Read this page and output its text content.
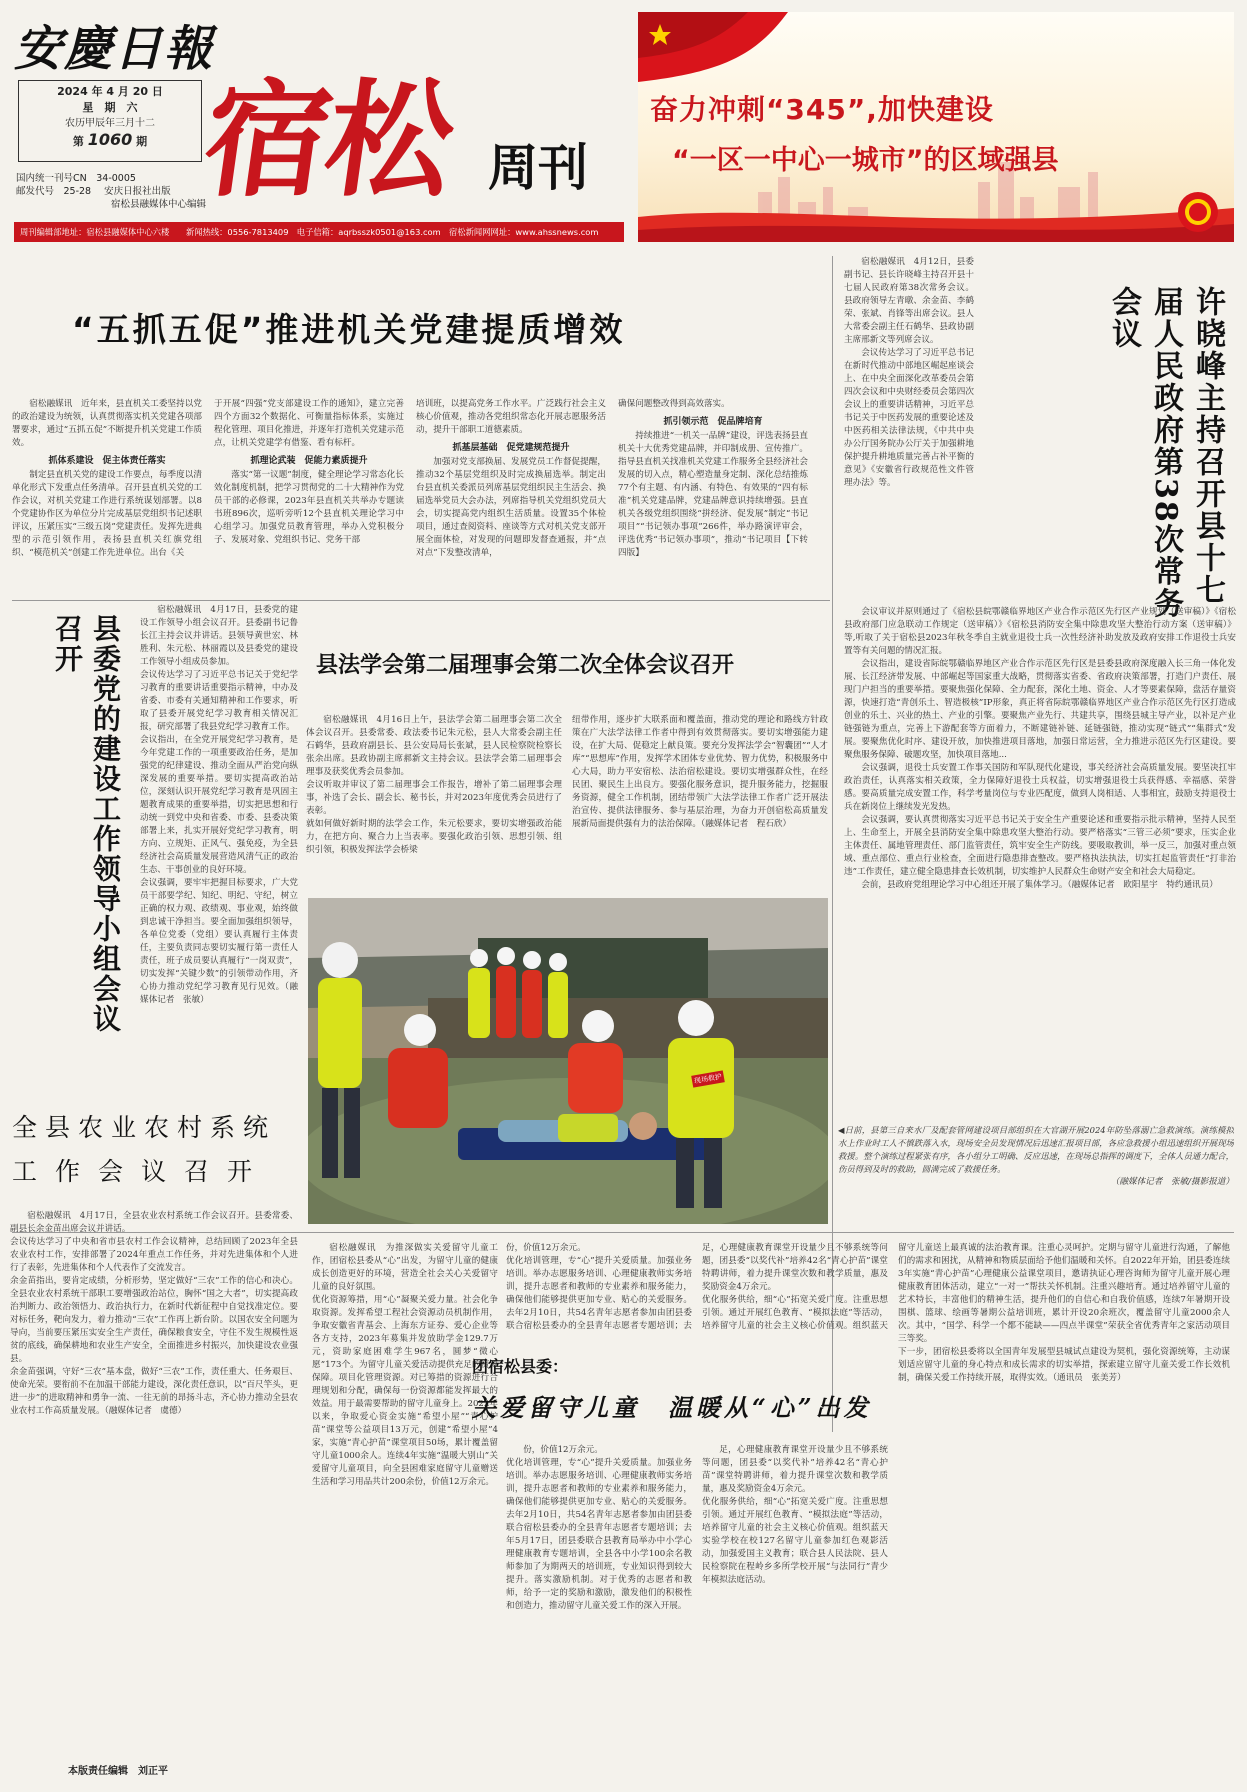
安慶日報
2024 年 4 月 20 日
星　期　六
农历甲辰年三月十二
第 1060 期
国内统一刊号CN　34-0005
邮发代号　25-28 安庆日报社出版
宿松县融媒体中心编辑
宿松 周刊
奋力冲刺“345”,加快建设
“一区一中心一城市”的区域强县
周刊编辑部地址：宿松县融媒体中心六楼　　新闻热线：0556-7813409　电子信箱：aqrbsszk0501@163.com　宿松新闻网网址：www.ahssnews.com
“五抓五促”推进机关党建提质增效

宿松融媒讯　近年来，县直机关工委坚持以党的政治建设为统领，认真贯彻落实机关党建各项部署要求，通过“五抓五促”不断提升机关党建工作质效。

抓体系建设　促主体责任落实

制定县直机关党的建设工作要点，每季度以清单化形式下发重点任务清单。召开县直机关党的工作会议，对机关党建工作进行系统谋划部署。以8个党建协作区为单位分片完成基层党组织书记述职评议，压紧压实“三级五岗”党建责任。发挥先进典型的示范引领作用，表扬县直机关红旗党组织、“模范机关”创建工作先进单位。出台《关

于开展“四强”党支部建设工作的通知》，建立完善四个方面32个数据化、可衡量指标体系，实施过程化管理、项目化推进，并逐年打造机关党建示范点，让机关党建学有借鉴、看有标杆。

抓理论武装　促能力素质提升

落实“第一议题”制度，健全理论学习常态化长效化制度机制，把学习贯彻党的二十大精神作为党员干部的必修课，2023年县直机关共举办专题读书班896次，巡听旁听12个县直机关理论学习中心组学习。加强党员教育管理，举办入党积极分子、发展对象、党组织书记、党务干部

培训班，以提高党务工作水平。广泛践行社会主义核心价值观，推动各党组织常态化开展志愿服务活动，提升干部职工道德素质。

抓基层基础　促党建规范提升

加强对党支部换届、发展党员工作督促提醒，推动32个基层党组织及时完成换届选举。制定出台县直机关委派员列席基层党组织民主生活会、换届选举党员大会办法，列席指导机关党组织党员大会，切实提高党内组织生活质量。设置35个体检项目，通过查阅资料、座谈等方式对机关党支部开展全面体检，对发现的问题即发督查通报，并“点对点”下发整改清单，

确保问题整改得到高效落实。

抓引领示范　促品牌培育

持续推进“一机关一品牌”建设，评选表扬县直机关十大优秀党建品牌，并印制成册、宣传推广。指导县直机关找准机关党建工作服务全县经济社会发展的切入点，精心塑造量身定制、深化总结推炼77个有主题、有内涵、有特色、有效果的“四有标准”机关党建品牌，党建品牌意识持续增强。县直机关各级党组织围绕“拼经济、促发展”制定“书记项目”“书记领办事项”266件，举办路演评审会，评选优秀“书记领办事项”，推动“书记项目【下转四版】	许晓峰主持召开县十七届人民政府第38次常务会议

宿松融媒讯　4月12日，县委副书记、县长许晓峰主持召开县十七届人民政府第38次常务会议。县政府领导左青暾、余金苗、李鹤荣、张斌、肖锋等出席会议。县人大常委会副主任石鹤华、县政协副主席邢新文等列席会议。

会议传达学习了习近平总书记在新时代推动中部地区崛起座谈会上、在中央全面深化改革委员会第四次会议和中央财经委员会第四次会议上的重要讲话精神，习近平总书记关于中医药发展的重要论述及中医药相关法律法规，《中共中央办公厅国务院办公厅关于加强耕地保护提升耕地质量完善占补平衡的意见》《安徽省行政规范性文件管理办法》等。

会议审议并原则通过了《宿松县皖鄂赣临界地区产业合作示范区先行区产业规划（送审稿）》《宿松县政府部门应急联动工作规定（送审稿）》《宿松县消防安全集中除患攻坚大整治行动方案（送审稿）》等,听取了关于宿松县2023年秋冬季自主就业退役士兵一次性经济补助发放及政府安排工作退役士兵安置等有关问题的情况汇报。

会议指出，建设省际皖鄂赣临界地区产业合作示范区先行区是县委县政府深度融入长三角一体化发展、长江经济带发展、中部崛起等国家重大战略，贯彻落实省委、省政府决策部署，打造门户责任、展现门户担当的重要举措。要聚焦强化保障、全力配套，深化土地、资金、人才等要素保障，盘活存量资源，快速打造“青创乐土、智造极核”IP形象，真正将省际皖鄂赣临界地区产业合作示范区先行区打造成创业的乐土、兴业的热土、产业的引擎。要聚焦产业先行、共建共享，围绕县城主导产业，以补足产业链强链为重点，完善上下游配套等方面着力，不断建链补链、延链强链，推动实现“链式”“集群式”发展。要聚焦优化时序、建设开放，加快推进项目落地，加强日常运营，全力推进示范区先行区建设。要聚焦服务保障、破题攻坚，加快项目落地...

会议强调，退役士兵安置工作事关国防和军队现代化建设，事关经济社会高质量发展。要坚决扛牢政治责任，认真落实相关政策，全力保障好退役士兵权益，切实增强退役士兵获得感、幸福感、荣誉感。要高质量完成安置工作，科学考量岗位与专业匹配度，做到人岗相适、人事相宜，鼓励支持退役士兵在新岗位上继续发光发热。

会议强调，要认真贯彻落实习近平总书记关于安全生产重要论述和重要指示批示精神，坚持人民至上、生命至上，开展全县消防安全集中除患攻坚大整治行动。要严格落实“三管三必须”要求，压实企业主体责任、属地管理责任、部门监管责任，筑牢安全生产防线。要吸取教训，举一反三，加强对重点领域、重点部位、重点行业检查，全面进行隐患排查整改。要严格执法执法，切实扛起监管责任“打非治违”工作责任，建立健全隐患排查长效机制，切实维护人民群众生命财产安全和社会大局稳定。

会前，县政府党组理论学习中心组还开展了集体学习。（融媒体记者　欧阳星宇　特约通讯员）

县委党的建设工作领导小组会议召开

宿松融媒讯　4月17日，县委党的建设工作领导小组会议召开。县委副书记鲁长江主持会议并讲话。县领导黄世宏、林胜利、朱元松、林丽霞以及县委党的建设工作领导小组成员参加。
会议传达学习了习近平总书记关于党纪学习教育的重要讲话重要指示精神，中办及省委、市委有关通知精神和工作要求，听取了县委开展党纪学习教育相关情况汇报，研究部署了我县党纪学习教育工作。
会议指出，在全党开展党纪学习教育，是今年党建工作的一项重要政治任务，是加强党的纪律建设、推动全面从严治党向纵深发展的重要举措。要切实提高政治站位，深刻认识开展党纪学习教育是巩固主题教育成果的重要举措，切实把思想和行动统一到党中央和省委、市委、县委决策部署上来，扎实开展好党纪学习教育，明方向、立规矩、正风气、强免疫，为全县经济社会高质量发展营造风清气正的政治生态、干事创业的良好环境。
会议强调，要牢牢把握目标要求，广大党员干部要学纪、知纪、明纪、守纪，树立正确的权力观、政绩观、事业观，始终做到忠诚干净担当。要全面加强组织领导，各单位党委（党组）要认真履行主体责任，主要负责同志要切实履行第一责任人责任，班子成员要认真履行“一岗双责”，切实发挥“关键少数”的引领带动作用，齐心协力推动党纪学习教育见行见效。（融媒体记者　张敏）

县法学会第二届理事会第二次全体会议召开

宿松融媒讯　4月16日上午，县法学会第二届理事会第二次全体会议召开。县委常委、政法委书记朱元松，县人大常委会副主任石鹤华，县政府副县长、县公安局局长张斌，县人民检察院检察长张余出席。县政协副主席郝新文主持会议。县法学会第二届理事会理事及获奖优秀会员参加。
会议听取并审议了第二届理事会工作报告，增补了第二届理事会理事，补选了会长、副会长、秘书长，并对2023年度优秀会员进行了表彰。
就如何做好新时期的法学会工作，朱元松要求，要切实增强政治能力，在把方向、聚合力上当表率。要强化政治引领、思想引领、组织引领，积极发挥法学会桥梁

纽带作用，逐步扩大联系面和覆盖面，推动党的理论和路线方针政策在广大法学法律工作者中得到有效贯彻落实。要切实增强能力建设，在扩大局、促稳定上献良策。要充分发挥法学会“智囊团”“人才库”“思想库”作用，发挥学术团体专业优势、智力优势，积极服务中心大局，助力平安宿松、法治宿松建设。要切实增强群众性，在经民团、聚民生上出良方。要强化服务意识，提升服务能力，挖掘服务资源，健全工作机制，团结带领广大法学法律工作者广泛开展法治宣传、提供法律服务、参与基层治理，为奋力开创宿松高质量发展新局面提供强有力的法治保障。（融媒体记者　程石欣）

现场救护

◀日前，县第三自来水厂及配套管网建设项目部组织在大官湖开展2024年防坠落溺亡急救演练。演练模拟水上作业时工人不慎跌落入水，现场安全员发现情况后迅速汇报项目部，各应急救援小组迅速组织开展现场救援。整个演练过程紧张有序，各小组分工明确、反应迅速，在现场总指挥的调度下，全体人员通力配合，伤员得到及时的救助，圆满完成了救援任务。

（融媒体记者　张敏/摄影报道）

全县农业农村系统
工作会议召开

宿松融媒讯　4月17日，全县农业农村系统工作会议召开。县委常委、副县长余金苗出席会议并讲话。
会议传达学习了中央和省市县农村工作会议精神，总结回顾了2023年全县农业农村工作，安排部署了2024年重点工作任务，并对先进集体和个人进行了表彰，先进集体和个人代表作了交流发言。
余金苗指出，要肯定成绩，分析形势，坚定做好“三农”工作的信心和决心。全县农业农村系统干部职工要增强政治站位，胸怀“国之大者”，切实提高政治判断力、政治领悟力、政治执行力，在新时代新征程中自觉找准定位。要对标任务，靶向发力，着力推动“三农”工作再上新台阶。以国农安全问题为导向，当前要压紧压实安全生产责任，确保粮食安全，守住不发生规模性返贫的底线，确保耕地和农业生产安全，全面推进乡村振兴，加快建设农业强县。
余金苗强调，守好“三农”基本盘，做好“三农”工作，责任重大、任务艰巨、使命光荣。要衔前不在加温干部能力建设，深化责任意识，以“百尺竿头，更进一步”的进取精神和勇争一流、一往无前的昂扬斗志，齐心协力推动全县农业农村工作高质量发展。（融媒体记者　虞德）

宿松融媒讯　为推深做实关爱留守儿童工作，团宿松县委从“心”出发，为留守儿童的健康成长创造更好的环境，营造全社会关心关爱留守儿童的良好氛围。
优化资源筹措，用“心”凝聚关爱力量。社会化争取资源。发挥希望工程社会资源动员机制作用，争取安徽省青基会、上海东方证券、爱心企业等各方支持，2023年募集并发放助学金129.7万元，资助家庭困难学生967名，圆梦“微心愿”173个。为留守儿童关爱活动提供充足的资源保障。项目化管理资源。对已筹措的资源进行合理规划和分配，确保每一份资源都能发挥最大的效益。用于最需要帮助的留守儿童身上。2022年以来，争取爱心资金实施“希望小屋”“青心护苗”课堂等公益项目13万元，创建“希望小屋”4家，实施“青心护苗”课堂项目50场，累计覆盖留守儿童1000余人。连续4年实施“温暖大别山”关爱留守儿童项目，向全县困难家庭留守儿童赠送生活和学习用品共计200余份，价值12万余元。

份，价值12万余元。
优化培训管理，专“心”提升关爱质量。加强业务培训。举办志愿服务培训、心理健康教师实务培训，提升志愿者和教师的专业素养和服务能力，确保他们能够提供更加专业、贴心的关爱服务。去年2月10日，共54名青年志愿者参加由团县委联合宿松县委办的全县青年志愿者专题培训；去

足，心理健康教育课堂开设量少且不够系统等问题，团县委“以奖代补”培养42名“青心护苗”课堂特聘讲师，着力提升课堂次数和教学质量，惠及奖励资金4万余元。
优化服务供给，细“心”拓宽关爱广度。注重思想引领。通过开展红色教育、“模拟法庭”等活动，培养留守儿童的社会主义核心价值观。组织蓝天

团宿松县委：
关爱留守儿童　温暖从“心”出发

份，价值12万余元。
优化培训管理，专“心”提升关爱质量。加强业务培训。举办志愿服务培训、心理健康教师实务培训，提升志愿者和教师的专业素养和服务能力，确保他们能够提供更加专业、贴心的关爱服务。去年2月10日，共54名青年志愿者参加由团县委联合宿松县委办的全县青年志愿者专题培训；去年5月17日，团县委联合县教育局举办中小学心理健康教育专题培训，全县各中小学100余名教师参加了为期两天的培训班，专业知识得到较大提升。落实激励机制。对于优秀的志愿者和教师，给予一定的奖励和激励，激发他们的积极性和创造力，推动留守儿童关爱工作的深入开展。

足，心理健康教育课堂开设量少且不够系统等问题，团县委“以奖代补”培养42名“青心护苗”课堂特聘讲师，着力提升课堂次数和教学质量，惠及奖励资金4万余元。
优化服务供给，细“心”拓宽关爱广度。注重思想引领。通过开展红色教育、“模拟法庭”等活动，培养留守儿童的社会主义核心价值观。组织蓝天实验学校在校127名留守儿童参加红色观影活动，加强爱国主义教育；联合县人民法院、县人民检察院在程岭乡多所学校开展“与法同行”青少年模拟法庭活动。

留守儿童送上最真诚的法治教育课。注重心灵呵护。定期与留守儿童进行沟通，了解他们的需求和困扰，从精神和物质层面给予他们温暖和关怀。自2022年开始，团县委连续3年实施“青心护苗”心理健康公益课堂项目，邀请执证心理咨询师为留守儿童开展心理健康教育团体活动，建立“一对一”帮扶关怀机制。注重兴趣培育。通过培养留守儿童的艺术特长，丰富他们的精神生活，提升他们的自信心和自我价值感，连续7年暑期开设围棋、篮球、绘画等暑期公益培训班，累计开设20余班次，覆盖留守儿童2000余人次。其中，“国学、科学一个都不能缺——四点半课堂”荣获全省优秀青年之家活动项目三等奖。
下一步，团宿松县委将以全国青年发展型县城试点建设为契机，强化资源统筹，主动谋划适应留守儿童的身心特点和成长需求的切实举措，探索建立留守儿童关爱工作长效机制，确保关爱工作持续开展，取得实效。（通讯员　张美芳）

本版责任编辑　刘正平
